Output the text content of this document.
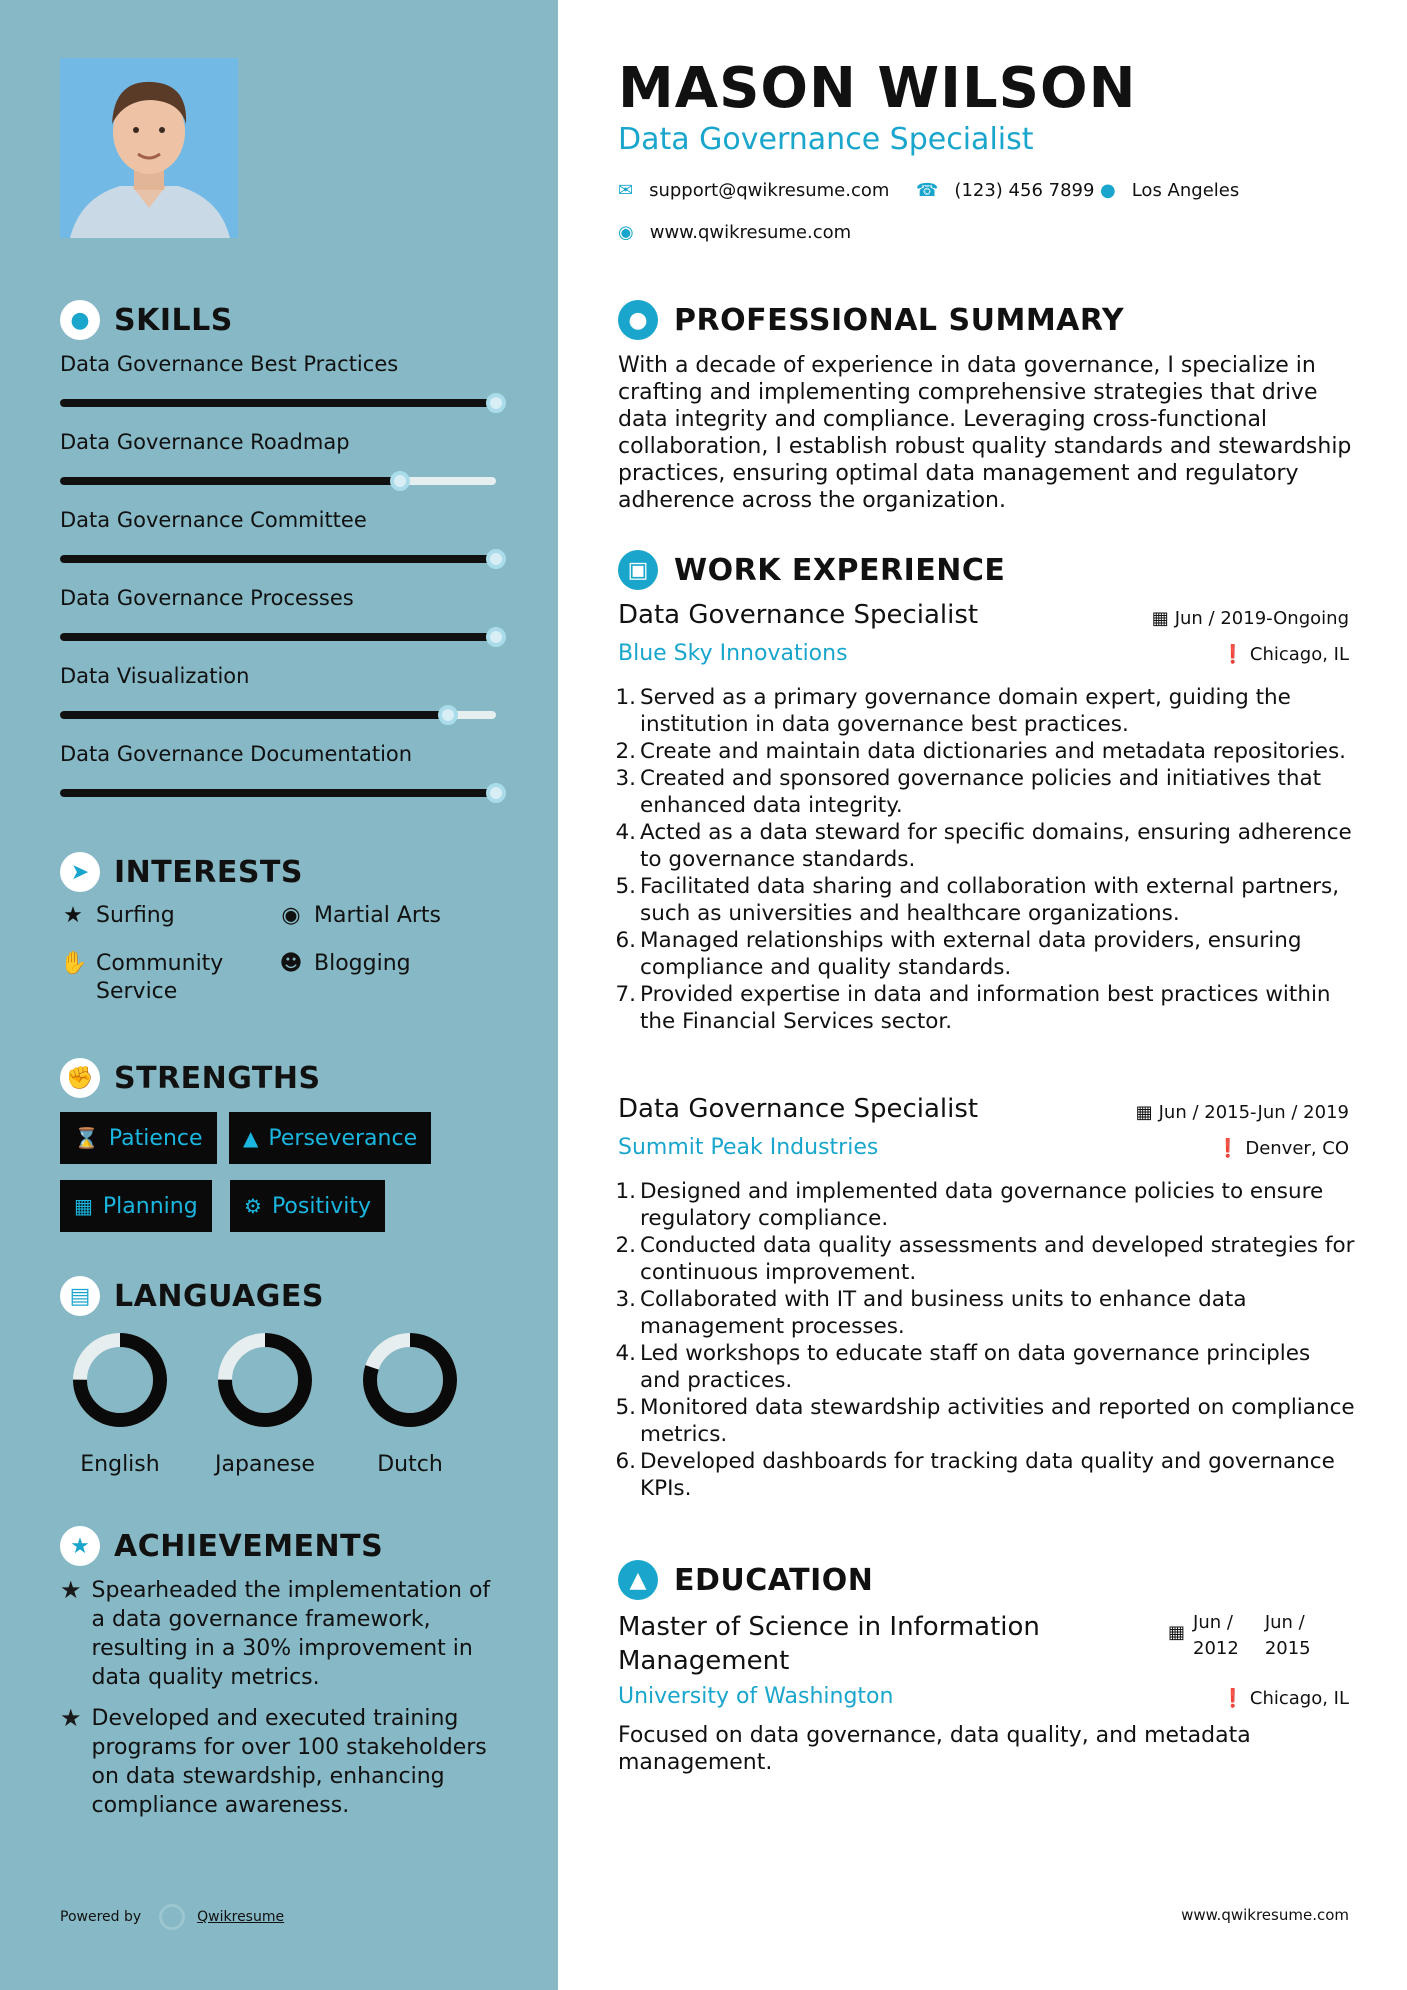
● SKILLS
Data Governance Best Practices
Data Governance Roadmap
Data Governance Committee
Data Governance Processes
Data Visualization
Data Governance Documentation
➤ INTERESTS
★ Surfing	◉ Martial Arts
✋ Community Service
☻ Blogging
✊ STRENGTHS
⌛ Patience ▲ Perseverance
▦ Planning ⚙ Positivity
▤ LANGUAGES
English	Japanese	Dutch
★ ACHIEVEMENTS
★ Spearheaded the implementation of a data governance framework, resulting in a 30% improvement in data quality metrics.
★ Developed and executed training programs for over 100 stakeholders on data stewardship, enhancing compliance awareness.
Powered by	Qwikresume
MASON WILSON
Data Governance Specialist
✉ support@qwikresume.com ☎ (123) 456 7899 ● Los Angeles
◉ www.qwikresume.com
● PROFESSIONAL SUMMARY
With a decade of experience in data governance, I specialize in crafting and implementing comprehensive strategies that drive data integrity and compliance. Leveraging cross-functional collaboration, I establish robust quality standards and stewardship practices, ensuring optimal data management and regulatory adherence across the organization.
▣ WORK EXPERIENCE
Data Governance Specialist	▦ Jun / 2019-Ongoing
Blue Sky Innovations	❗ Chicago, IL
1. Served as a primary governance domain expert, guiding the institution in data governance best practices.
2. Create and maintain data dictionaries and metadata repositories.
3. Created and sponsored governance policies and initiatives that enhanced data integrity.
4. Acted as a data steward for specific domains, ensuring adherence to governance standards.
5. Facilitated data sharing and collaboration with external partners, such as universities and healthcare organizations.
6. Managed relationships with external data providers, ensuring compliance and quality standards.
7. Provided expertise in data and information best practices within the Financial Services sector.
Data Governance Specialist	▦ Jun / 2015-Jun / 2019
Summit Peak Industries	❗ Denver, CO
1. Designed and implemented data governance policies to ensure regulatory compliance.
2. Conducted data quality assessments and developed strategies for continuous improvement.
3. Collaborated with IT and business units to enhance data management processes.
4. Led workshops to educate staff on data governance principles and practices.
5. Monitored data stewardship activities and reported on compliance metrics.
6. Developed dashboards for tracking data quality and governance KPIs.
▲ EDUCATION
Master of Science in Information Management
▦ Jun /
2012
Jun /
2015
University of Washington	❗ Chicago, IL
Focused on data governance, data quality, and metadata management.
www.qwikresume.com
